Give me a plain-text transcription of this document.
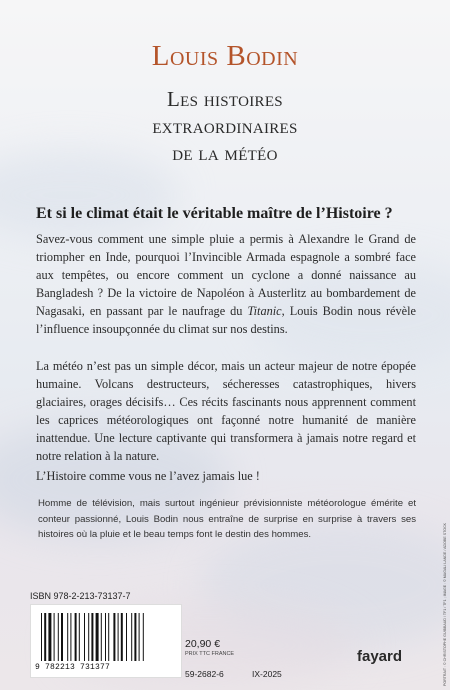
Louis Bodin
Les histoires
extraordinaires
de la météo
Et si le climat était le véritable maître de l’Histoire ?

Savez-vous comment une simple pluie a permis à Alexandre le Grand de triompher en Inde, pourquoi l’Invincible Armada espagnole a sombré face aux tempêtes, ou encore comment un cyclone a donné naissance au Bangladesh ? De la victoire de Napoléon à Austerlitz au bombardement de Nagasaki, en passant par le naufrage du Titanic, Louis Bodin nous révèle l’influence insoupçonnée du climat sur nos destins.

La météo n’est pas un simple décor, mais un acteur majeur de notre épopée humaine. Volcans destructeurs, sécheresses catastrophiques, hivers glaciaires, orages décisifs… Ces récits fascinants nous apprennent comment les caprices météorologiques ont façonné notre humanité de manière inattendue. Une lecture captivante qui transformera à jamais notre regard et notre relation à la nature.

L’Histoire comme vous ne l’avez jamais lue !

Homme de télévision, mais surtout ingénieur prévisionniste météorologue émérite et conteur passionné, Louis Bodin nous entraîne de surprise en surprise à travers ses histoires où la pluie et le beau temps font le destin des hommes.

ISBN 978-2-213-73137-7
9 782213 731377
20,90 €
PRIX TTC FRANCE
59-2682-6	IX-2025
fayard	PORTRAIT : © CHRISTOPHE GUIBBAUD / TF1 / TF1 ; IMAGE : © MAGALI LANDE / ADOBE STOCK
